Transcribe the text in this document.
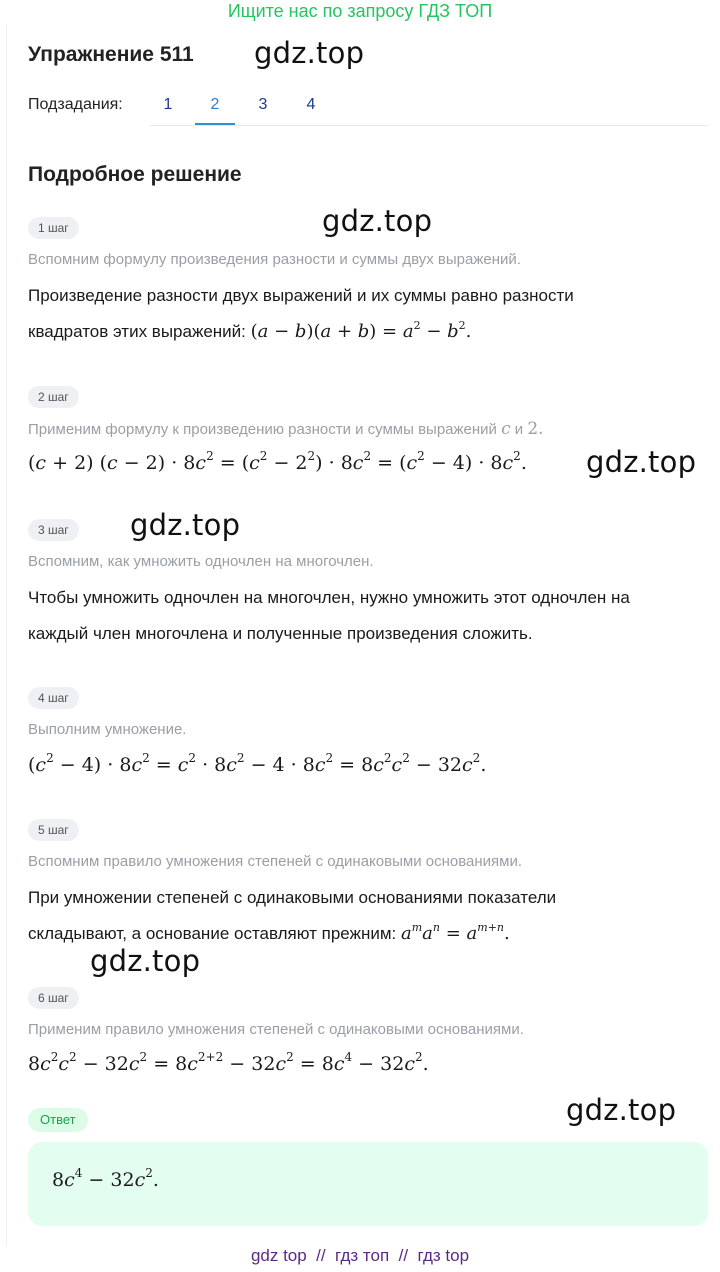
Ищите нас по запросу ГДЗ ТОП
Упражнение 511 gdz.top
Подзадания:	1	2	3	4
Подробное решение
1 шаг	gdz.top
Вспомним формулу произведения разности и суммы двух выражений.
Произведение разности двух выражений и их суммы равно разности
квадратов этих выражений: $(a - b)(a + b) = a^2 - b^2$.
2 шаг
Применим формулу к произведению разности и суммы выражений c и 2.
(c + 2) $(c - 2) \cdot 8c^2 = (c^2 - 2^2) \cdot 8c^2 = (c^2 - 4) \cdot 8c^2$. gdz.top
3 шаг	gdz.top
Вспомним, как умножить одночлен на многочлен.
Чтобы умножить одночлен на многочлен, нужно умножить этот одночлен на
каждый член многочлена и полученные произведения сложить.
4 шаг
Выполним умножение.
$(c^2 - 4) \cdot 8c^2 = c^2 \cdot 8c^2 - 4 \cdot 8c^2 = 8c^2c^2 - 32c^2$.
5 шаг
Вспомним правило умножения степеней с одинаковыми основаниями.
При умножении степеней с одинаковыми основаниями показатели
складывают, а основание оставляют прежним: $a^ma^n = a^{m+n}$.
gdz.top
6 шаг
Применим правило умножения степеней с одинаковыми основаниями.
$8c^2c^2 - 32c^2 = 8c^{2+2} - 32c^2 = 8c^4 - 32c^2$.
Ответ	gdz.top
$8c^4 - 32c^2$.
gdz top  //  гдз топ  //  гдз top
